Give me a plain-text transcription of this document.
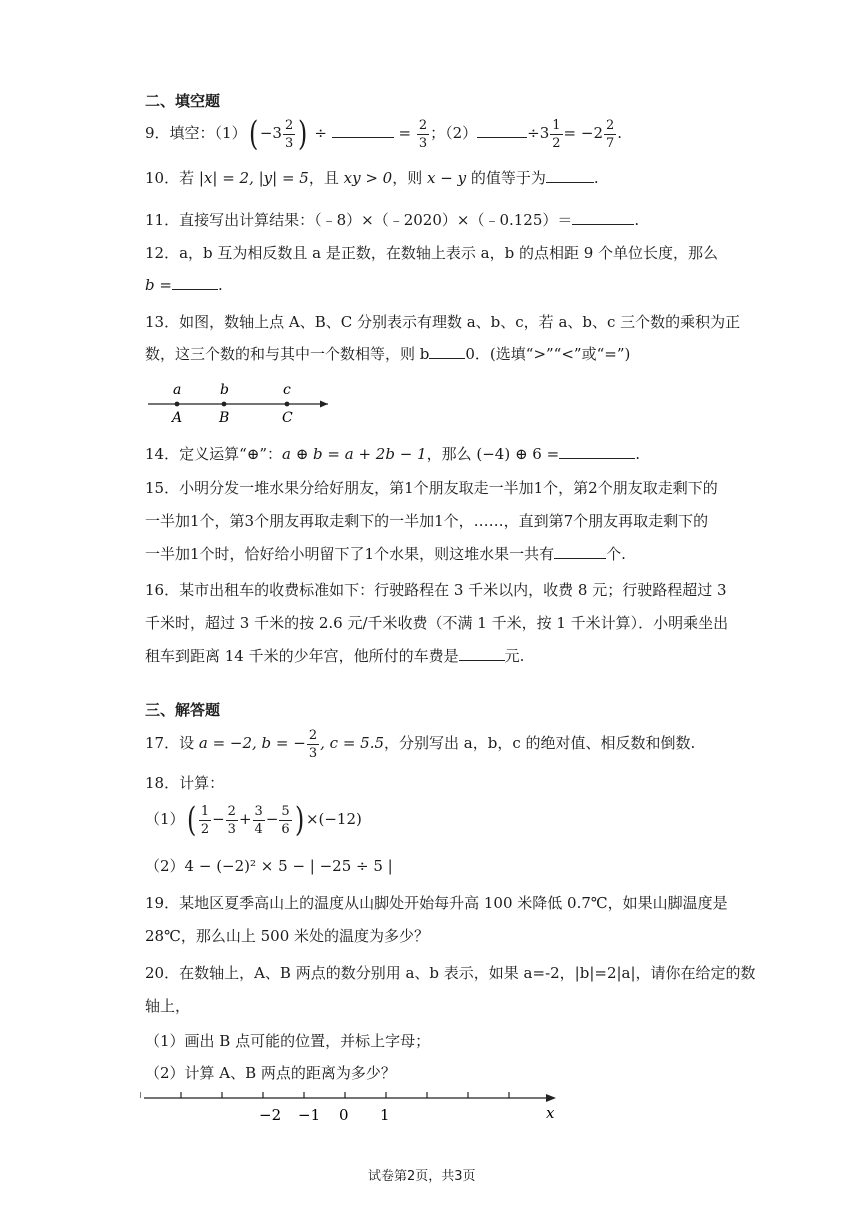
二、填空题
9．填空：$(1)( -3 \frac{2}{3}$ ) ÷	= $\frac{2}{3}$ ；（2）	$\div 3 \frac{1}{2} = -2 \frac{2}{7}$ .
10．若 |x| = 2, |y| = 5，且 xy > 0，则 x − y 的值等于为	.
11．直接写出计算结果：（﹣8）×（﹣2020）×（﹣0.125）＝	.
12．a，b 互为相反数且 a 是正数，在数轴上表示 a，b 的点相距 9 个单位长度，那么
b =	.
13．如图，数轴上点 A、B、C 分别表示有理数 a、b、c，若 a、b、c 三个数的乘积为正
数，这三个数的和与其中一个数相等，则 b 0．(选填“>”“<”或“=”)
a	b	c
A	B	C
14．定义运算“⊕”：a ⊕ b = a + 2b − 1，那么 (−4) ⊕ 6 =	.
15．小明分发一堆水果分给好朋友，第1个朋友取走一半加1个，第2个朋友取走剩下的
一半加1个，第3个朋友再取走剩下的一半加1个，……，直到第7个朋友再取走剩下的
一半加1个时，恰好给小明留下了1个水果，则这堆水果一共有	个.
16．某市出租车的收费标准如下：行驶路程在 3 千米以内，收费 8 元；行驶路程超过 3
千米时，超过 3 千米的按 2.6 元/千米收费（不满 1 千米，按 1 千米计算）．小明乘坐出
租车到距离 14 千米的少年宫，他所付的车费是	元.
三、解答题
17．设 a = −2, b = − $\frac{2}{3}$ , c = 5.5，分别写出 a，b，c 的绝对值、相反数和倒数.
18．计算：
$(1)( \frac{1}{2} - \frac{2}{3} + \frac{3}{4} - \frac{5}{6}$ ) ×(−12)
（2）4 − (−2)² × 5 − | −25 ÷ 5 |
19．某地区夏季高山上的温度从山脚处开始每升高 100 米降低 0.7℃，如果山脚温度是
28℃，那么山上 500 米处的温度为多少？
20．在数轴上，A、B 两点的数分别用 a、b 表示，如果 a=-2，|b|=2|a|，请你在给定的数
轴上，
（1）画出 B 点可能的位置，并标上字母；
（2）计算 A、B 两点的距离为多少？
−2 −1 0 1	x
试卷第2页，共3页
